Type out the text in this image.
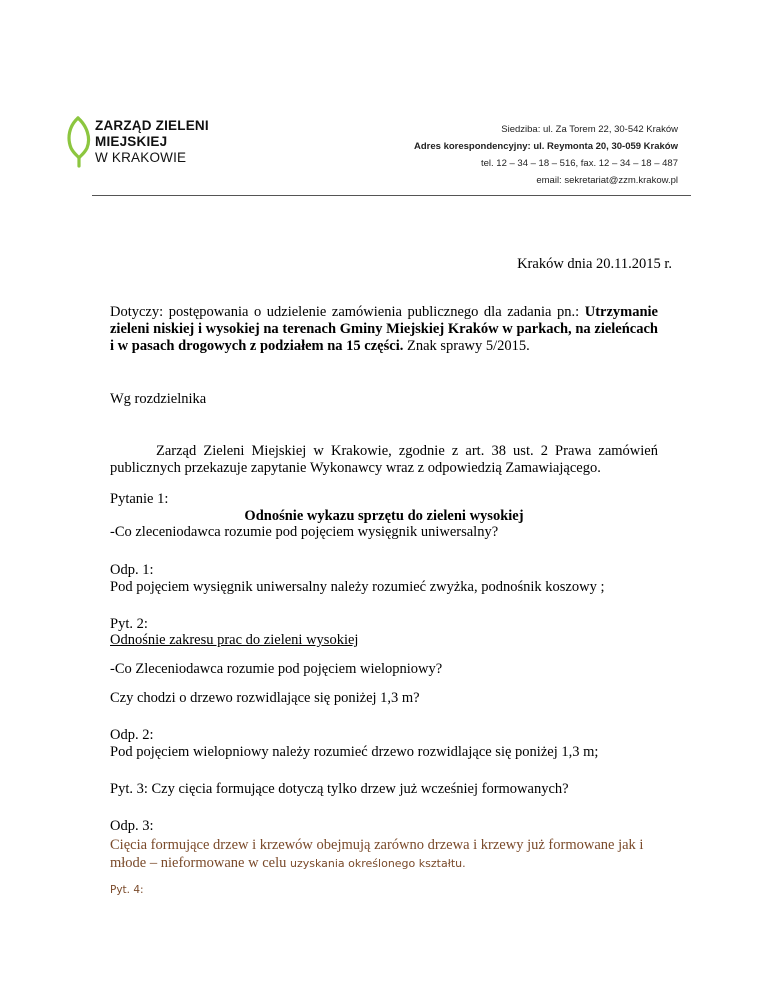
ZARZĄD ZIELENI
MIEJSKIEJ
W KRAKOWIE
Siedziba: ul. Za Torem 22, 30-542 Kraków
Adres korespondencyjny: ul. Reymonta 20, 30-059 Kraków
tel. 12 – 34 – 18 – 516, fax. 12 – 34 – 18 – 487
email: sekretariat@zzm.krakow.pl
Kraków dnia 20.11.2015 r.
Dotyczy: postępowania o udzielenie zamówienia publicznego dla zadania pn.: Utrzymanie zieleni niskiej i wysokiej na terenach Gminy Miejskiej Kraków w parkach, na zieleńcach i w pasach drogowych z podziałem na 15 części. Znak sprawy 5/2015.
Wg rozdzielnika
Zarząd Zieleni Miejskiej w Krakowie, zgodnie z art. 38 ust. 2 Prawa zamówień publicznych przekazuje zapytanie Wykonawcy wraz z odpowiedzią Zamawiającego.
Pytanie 1:
Odnośnie wykazu sprzętu do zieleni wysokiej
-Co zleceniodawca rozumie pod pojęciem wysięgnik uniwersalny?
Odp. 1:
Pod pojęciem wysięgnik uniwersalny należy rozumieć zwyżka, podnośnik koszowy ;
Pyt. 2:
Odnośnie zakresu prac do zieleni wysokiej
-Co Zleceniodawca rozumie pod pojęciem wielopniowy?
Czy chodzi o drzewo rozwidlające się poniżej 1,3 m?
Odp. 2:
Pod pojęciem wielopniowy należy rozumieć drzewo rozwidlające się poniżej 1,3 m;
Pyt. 3: Czy cięcia formujące dotyczą tylko drzew już wcześniej formowanych?
Odp. 3:
Cięcia formujące drzew i krzewów obejmują zarówno drzewa i krzewy już formowane jak i młode – nieformowane w celu uzyskania określonego kształtu.
Pyt. 4:
